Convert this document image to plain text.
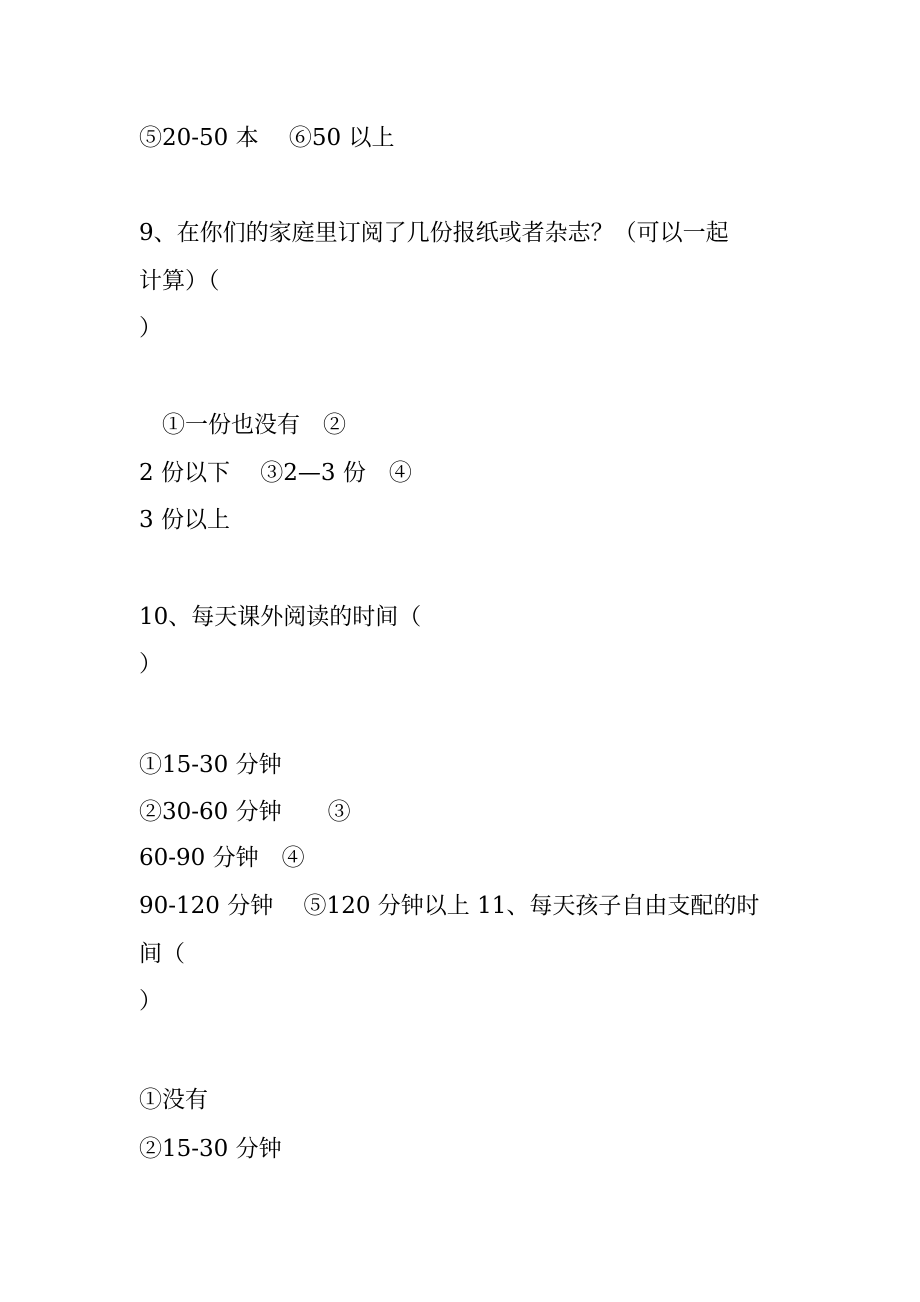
⑤20-50 本　 ⑥50 以上
9、在你们的家庭里订阅了几份报纸或者杂志？（可以一起
计算）（
）
　①一份也没有　②
2 份以下　 ③2—3 份　④
3 份以上
10、每天课外阅读的时间（
）
①15-30 分钟
②30-60 分钟　　③
60-90 分钟　④
90-120 分钟　 ⑤120 分钟以上 11、每天孩子自由支配的时
间（
）
①没有
②15-30 分钟
